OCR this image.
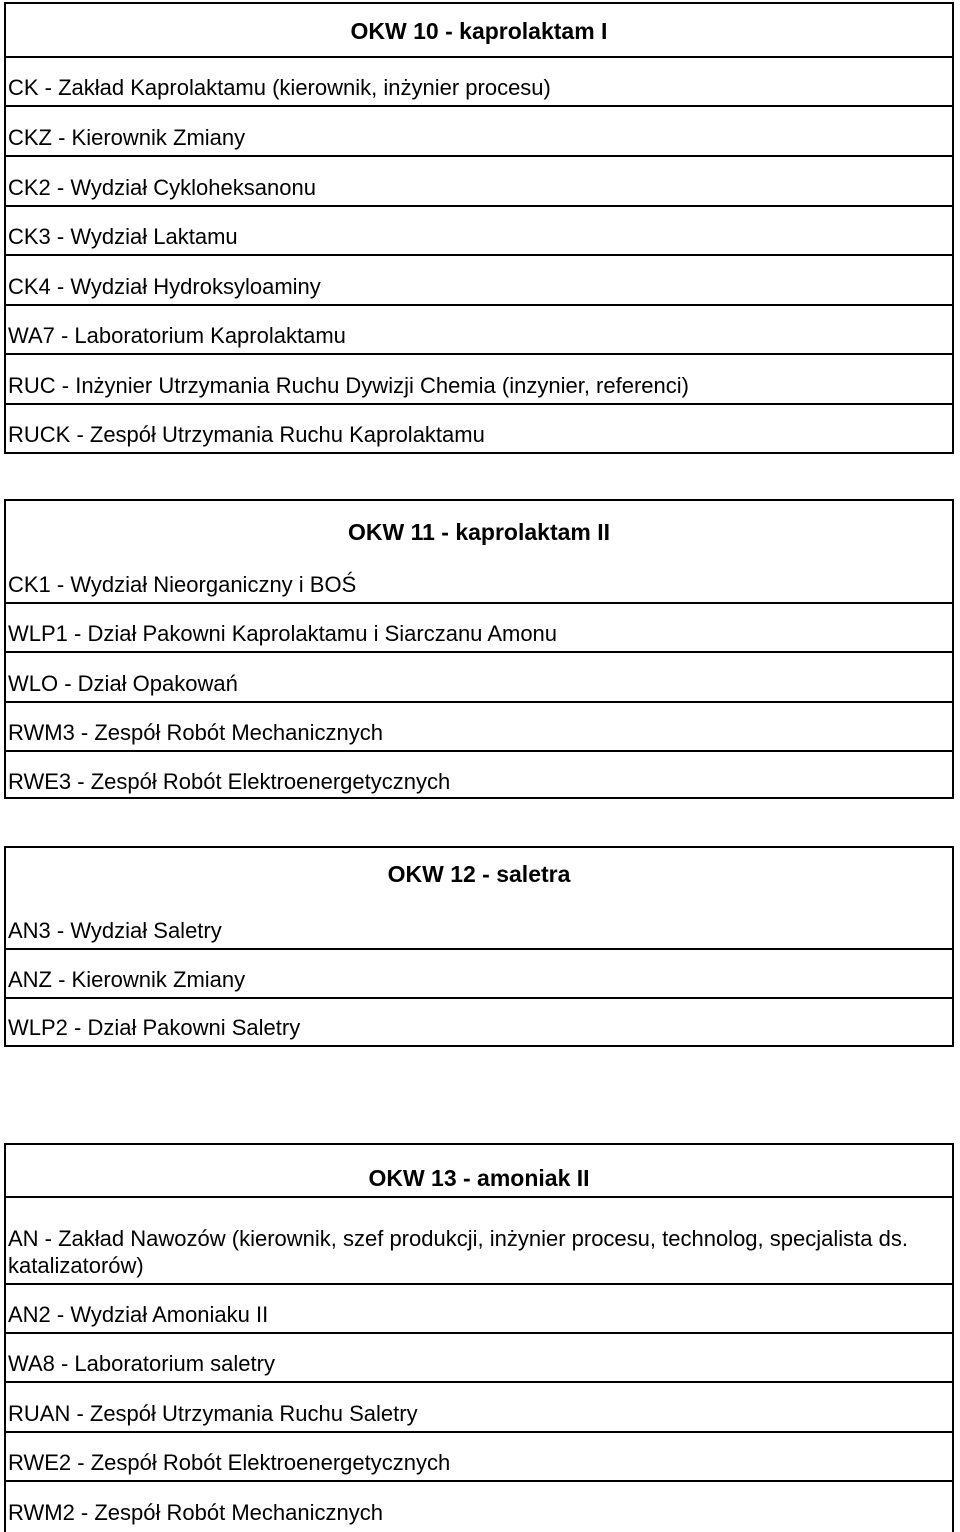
OKW 10 - kaprolaktam I
CK - Zakład Kaprolaktamu (kierownik, inżynier procesu)
CKZ - Kierownik Zmiany
CK2 - Wydział Cykloheksanonu
CK3 - Wydział Laktamu
CK4 - Wydział Hydroksyloaminy
WA7 - Laboratorium Kaprolaktamu
RUC - Inżynier Utrzymania Ruchu Dywizji Chemia (inzynier, referenci)
RUCK - Zespół Utrzymania Ruchu Kaprolaktamu
OKW 11 - kaprolaktam II
CK1 - Wydział Nieorganiczny i BOŚ
WLP1 - Dział Pakowni Kaprolaktamu i Siarczanu Amonu
WLO - Dział Opakowań
RWM3 - Zespół Robót Mechanicznych
RWE3 - Zespół Robót Elektroenergetycznych
OKW 12 - saletra
AN3 - Wydział Saletry
ANZ - Kierownik Zmiany
WLP2 - Dział Pakowni Saletry
OKW 13 - amoniak II
AN - Zakład Nawozów (kierownik, szef produkcji, inżynier procesu, technolog, specjalista ds. katalizatorów)
AN2 - Wydział Amoniaku II
WA8 - Laboratorium saletry
RUAN - Zespół Utrzymania Ruchu Saletry
RWE2 - Zespół Robót Elektroenergetycznych
RWM2 - Zespół Robót Mechanicznych
